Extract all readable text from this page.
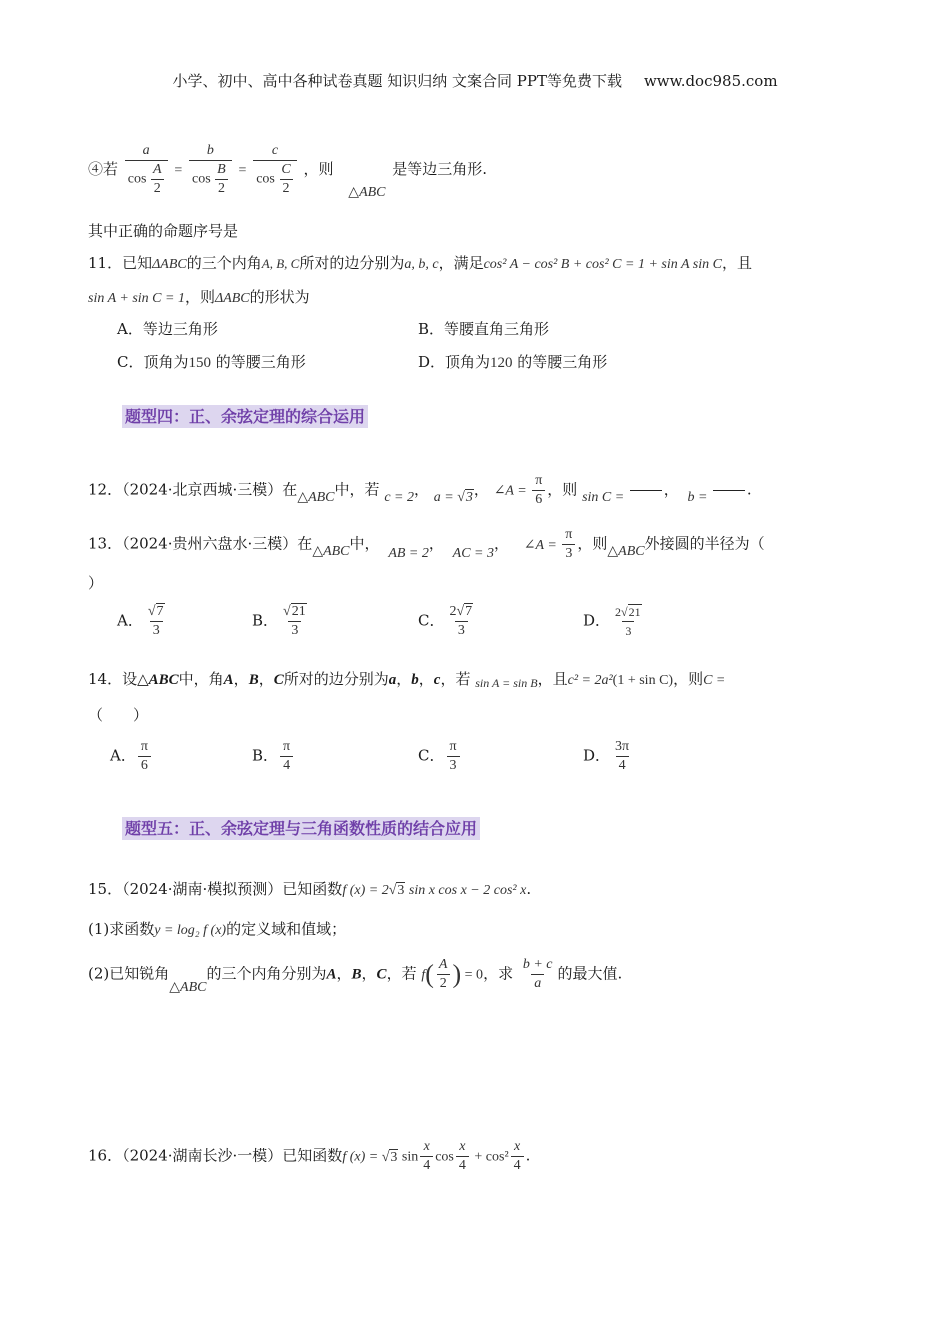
小学、初中、高中各种试卷真题 知识归纳 文案合同 PPT等免费下载 www.doc985.com
④若 $\frac{a}{\cos \frac{A}{2}} = \frac{b}{\cos \frac{B}{2}} = \frac{c}{\cos \frac{C}{2}}$ ，则 △ABC 是等边三角形.
其中正确的命题序号是
11．已知ΔABC的三个内角A, B, C所对的边分别为a, b, c，满足cos² A − cos² B + cos² C = 1 + sin A sin C，且
sin A + sin C = 1，则ΔABC的形状为
A．等边三角形	B．等腰直角三角形
C．顶角为150 的等腰三角形	D．顶角为120 的等腰三角形
题型四：正、余弦定理的综合运用
12．（2024·北京西城·三模）在△ABC中，若 c = 2， a = √3， ∠A = $\frac{\pi}{6}$ ，则 sin C = ， b = .
13．（2024·贵州六盘水·三模）在△ABC中， AB = 2， AC = 3， ∠A = $\frac{\pi}{3}$ ，则△ABC外接圆的半径为（
）
A． $\frac{√7}{3}$	B． $\frac{√21}{3}$	C． $\frac{2√7}{3}$	D． $\frac{2√21}{3}$
14．设△ABC中，角A，B，C所对的边分别为a，b，c，若 $_{sin A = sin B}$，且c² = 2a²(1 + sin C)，则C =
（　　）
A． $\frac{\pi}{6}$	B． $\frac{\pi}{4}$	C． $\frac{\pi}{3}$	D． $\frac{3\pi}{4}$
题型五：正、余弦定理与三角函数性质的结合应用
15．（2024·湖南·模拟预测）已知函数f (x) = 2√3 sin x cos x − 2 cos² x.
(1)求函数y = log₂ f (x)的定义域和值域；
(2)已知锐角△ABC的三个内角分别为A，B，C，若 $f( \frac{A}{2}$ ) = 0，求 $\frac{b + c}{a}$ 的最大值.
16．（2024·湖南长沙·一模）已知函数f (x) = √3 $\sin \frac{x}{4}$ $\cos \frac{x}{4} + \cos^2 \frac{x}{4}$ .
